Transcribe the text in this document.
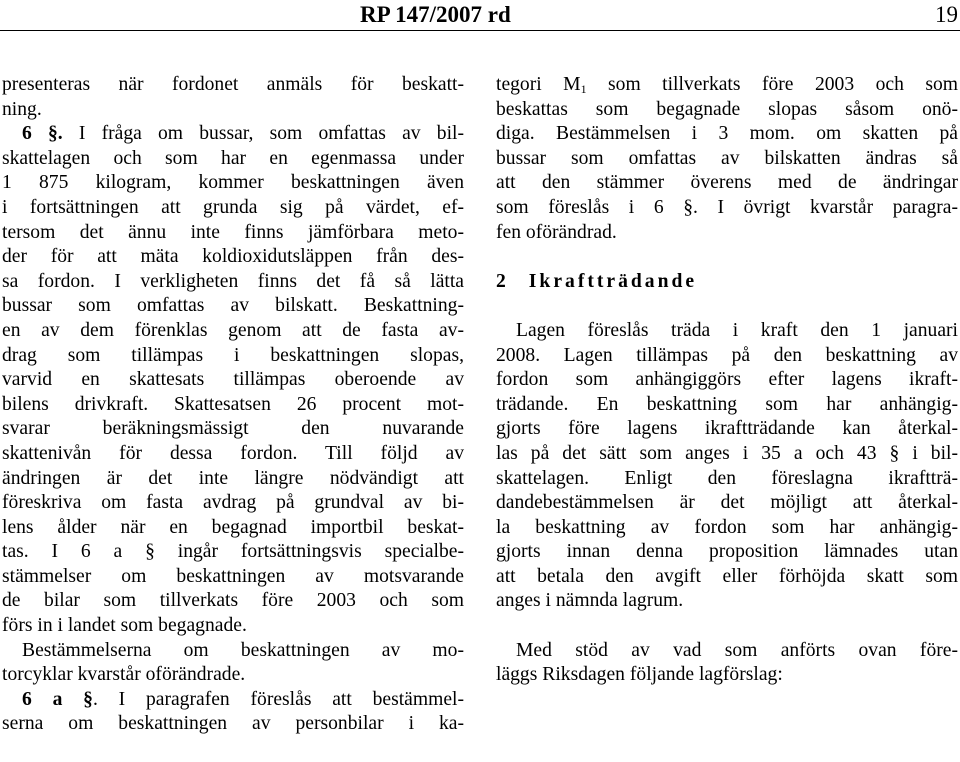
RP 147/2007 rd	19
presenteras när fordonet anmäls för beskatt-
ning.
6 §. I fråga om bussar, som omfattas av bil-
skattelagen och som har en egenmassa under
1 875 kilogram, kommer beskattningen även
i fortsättningen att grunda sig på värdet, ef-
tersom det ännu inte finns jämförbara meto-
der för att mäta koldioxidutsläppen från des-
sa fordon. I verkligheten finns det få så lätta
bussar som omfattas av bilskatt. Beskattning-
en av dem förenklas genom att de fasta av-
drag som tillämpas i beskattningen slopas,
varvid en skattesats tillämpas oberoende av
bilens drivkraft. Skattesatsen 26 procent mot-
svarar beräkningsmässigt den nuvarande
skattenivån för dessa fordon. Till följd av
ändringen är det inte längre nödvändigt att
föreskriva om fasta avdrag på grundval av bi-
lens ålder när en begagnad importbil beskat-
tas. I 6 a § ingår fortsättningsvis specialbe-
stämmelser om beskattningen av motsvarande
de bilar som tillverkats före 2003 och som
förs in i landet som begagnade.
Bestämmelserna om beskattningen av mo-
torcyklar kvarstår oförändrade.
6 a §. I paragrafen föreslås att bestämmel-
serna om beskattningen av personbilar i ka-
tegori $M_1$ som tillverkats före 2003 och som
beskattas som begagnade slopas såsom onö-
diga. Bestämmelsen i 3 mom. om skatten på
bussar som omfattas av bilskatten ändras så
att den stämmer överens med de ändringar
som föreslås i 6 §. I övrigt kvarstår paragra-
fen oförändrad.
2 Ikraftträdande
Lagen föreslås träda i kraft den 1 januari
2008. Lagen tillämpas på den beskattning av
fordon som anhängiggörs efter lagens ikraft-
trädande. En beskattning som har anhängig-
gjorts före lagens ikraftträdande kan återkal-
las på det sätt som anges i 35 a och 43 § i bil-
skattelagen. Enligt den föreslagna ikraftträ-
dandebestämmelsen är det möjligt att återkal-
la beskattning av fordon som har anhängig-
gjorts innan denna proposition lämnades utan
att betala den avgift eller förhöjda skatt som
anges i nämnda lagrum.
Med stöd av vad som anförts ovan före-
läggs Riksdagen följande lagförslag:
